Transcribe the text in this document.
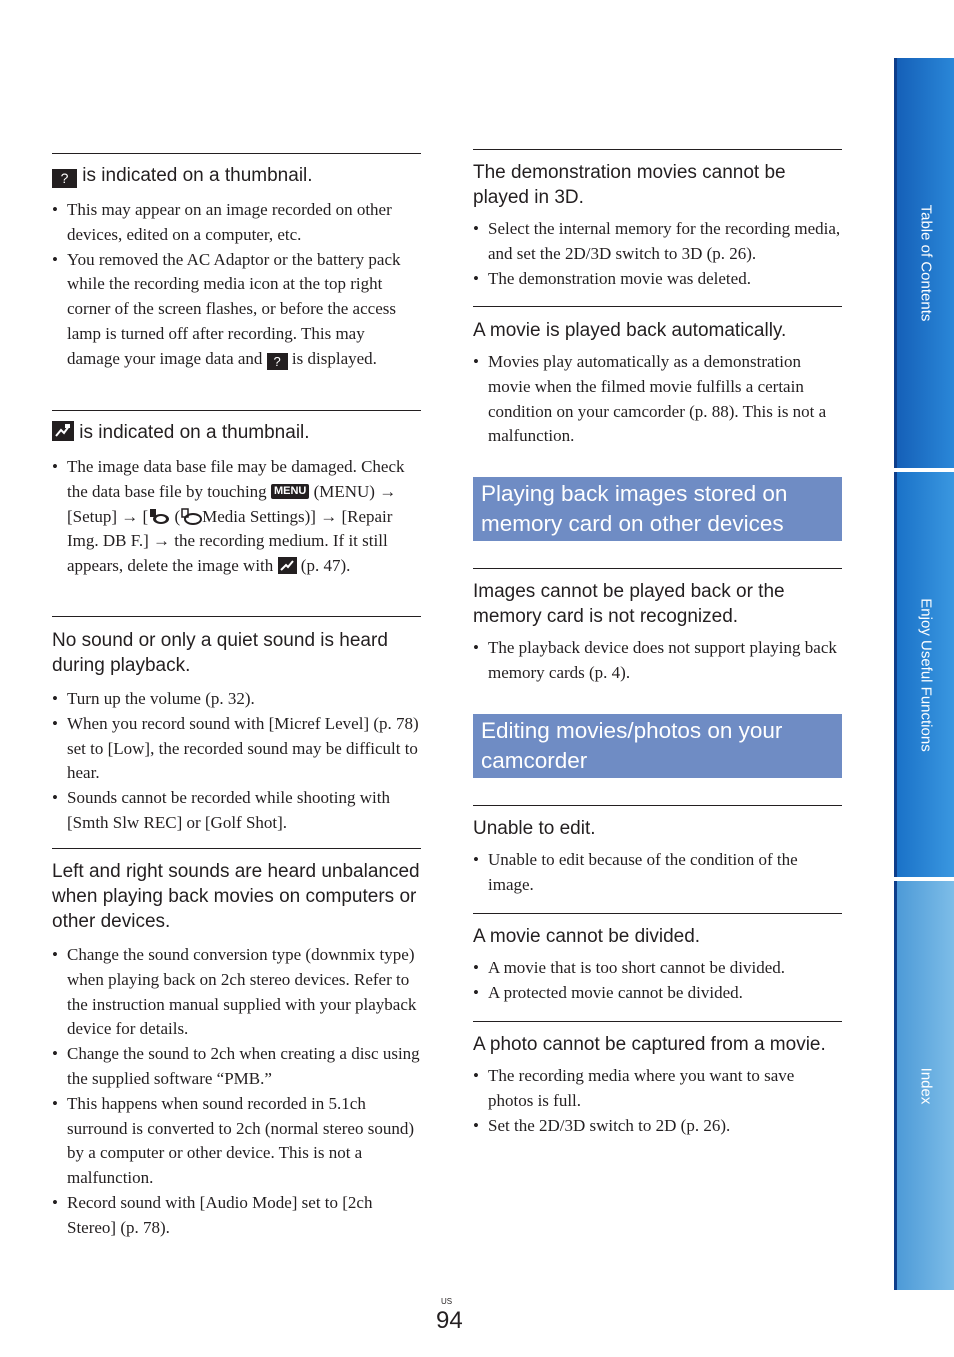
? is indicated on a thumbnail.
• This may appear on an image recorded on other devices, edited on a computer, etc.
• You removed the AC Adaptor or the battery pack while the recording media icon at the top right corner of the screen flashes, or before the access lamp is turned off after recording. This may damage your image data and ? is displayed.
is indicated on a thumbnail.
• The image data base file may be damaged. Check the data base file by touching MENU (MENU) → [Setup] → [ ( Media Settings)] → [Repair Img. DB F.] → the recording medium. If it still appears, delete the image with (p. 47).
No sound or only a quiet sound is heard during playback.
• Turn up the volume (p. 32).
• When you record sound with [Micref Level] (p. 78) set to [Low], the recorded sound may be difficult to hear.
• Sounds cannot be recorded while shooting with [Smth Slw REC] or [Golf Shot].
Left and right sounds are heard unbalanced when playing back movies on computers or other devices.
• Change the sound conversion type (downmix type) when playing back on 2ch stereo devices. Refer to the instruction manual supplied with your playback device for details.
• Change the sound to 2ch when creating a disc using the supplied software “PMB.”
• This happens when sound recorded in 5.1ch surround is converted to 2ch (normal stereo sound) by a computer or other device. This is not a malfunction.
• Record sound with [Audio Mode] set to [2ch Stereo] (p. 78).
The demonstration movies cannot be played in 3D.
• Select the internal memory for the recording media, and set the 2D/3D switch to 3D (p. 26).
• The demonstration movie was deleted.
A movie is played back automatically.
• Movies play automatically as a demonstration movie when the filmed movie fulfills a certain condition on your camcorder (p. 88). This is not a malfunction.
Playing back images stored on memory card on other devices
Images cannot be played back or the memory card is not recognized.
• The playback device does not support playing back memory cards (p. 4).
Editing movies/photos on your camcorder
Unable to edit.
• Unable to edit because of the condition of the image.
A movie cannot be divided.
• A movie that is too short cannot be divided.
• A protected movie cannot be divided.
A photo cannot be captured from a movie.
• The recording media where you want to save photos is full.
• Set the 2D/3D switch to 2D (p. 26).
Table of Contents
Enjoy Useful Functions
Index
US
94
